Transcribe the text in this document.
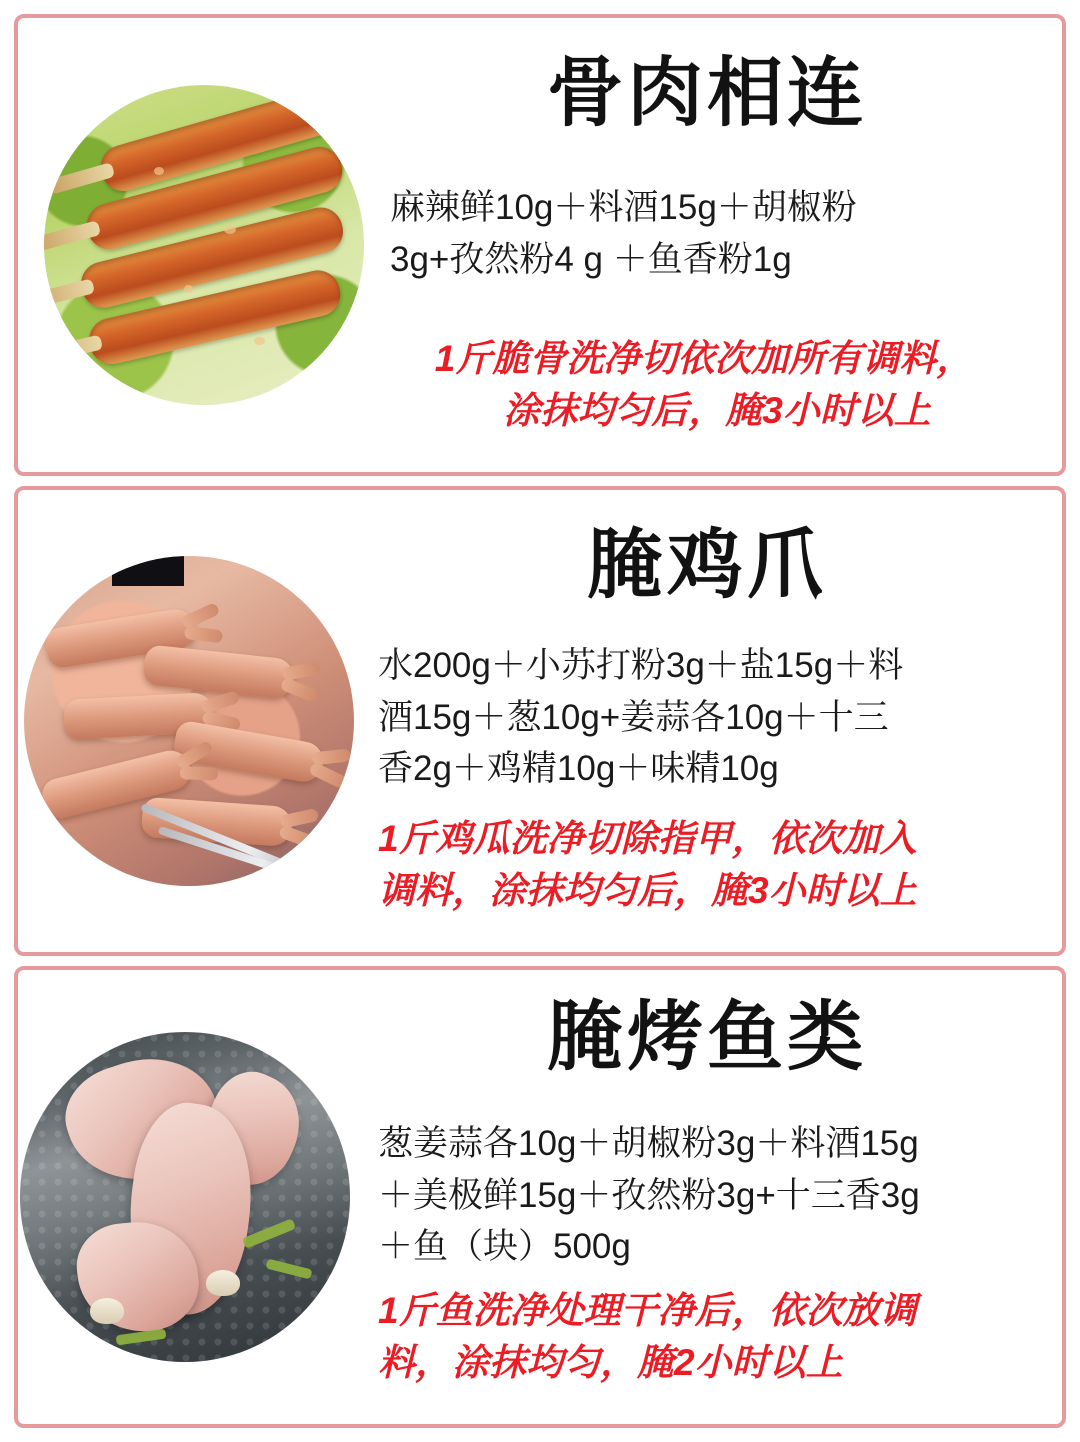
骨肉相连
麻辣鲜10g＋料酒15g＋胡椒粉
3g+孜然粉4 g ＋鱼香粉1g
1斤脆骨洗净切依次加所有调料，
涂抹均匀后，腌3小时以上
腌鸡爪
水200g＋小苏打粉3g＋盐15g＋料
酒15g＋葱10g+姜蒜各10g＋十三
香2g＋鸡精10g＋味精10g
1斤鸡瓜洗净切除指甲，依次加入
调料，涂抹均匀后，腌3小时以上
腌烤鱼类
葱姜蒜各10g＋胡椒粉3g＋料酒15g
＋美极鲜15g＋孜然粉3g+十三香3g
＋鱼（块）500g
1斤鱼洗净处理干净后，依次放调
料，涂抹均匀，腌2小时以上
